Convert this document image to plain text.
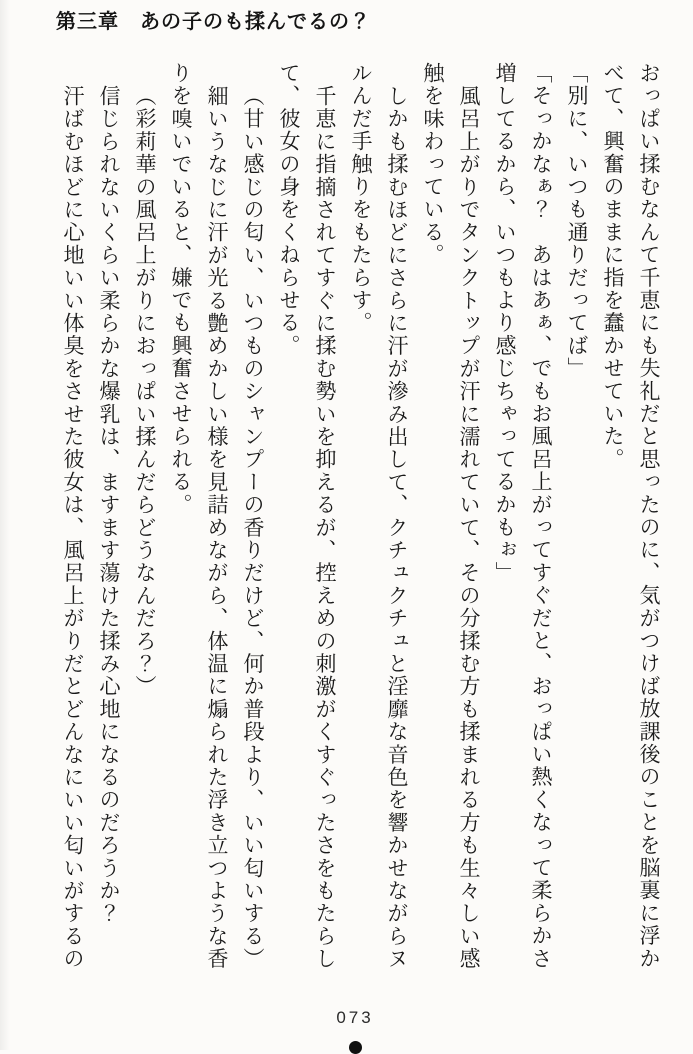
第三章　あの子のも揉んでるの？
おっぱい揉むなんて千恵にも失礼だと思ったのに、気がつけば放課後のことを脳裏に浮か
べて、興奮のままに指を蠢かせていた。
「別に、いつも通りだってば」
「そっかなぁ？　あはあぁ、でもお風呂上がってすぐだと、おっぱい熱くなって柔らかさ
増してるから、いつもより感じちゃってるかもぉ」
風呂上がりでタンクトップが汗に濡れていて、その分揉む方も揉まれる方も生々しい感
触を味わっている。
しかも揉むほどにさらに汗が滲み出して、クチュクチュと淫靡な音色を響かせながらヌ
ルんだ手触りをもたらす。
千恵に指摘されてすぐに揉む勢いを抑えるが、控えめの刺激がくすぐったさをもたらし
て、彼女の身をくねらせる。
（甘い感じの匂い、いつものシャンプーの香りだけど、何か普段より、いい匂いする）
細いうなじに汗が光る艶めかしい様を見詰めながら、体温に煽られた浮き立つような香
りを嗅いでいると、嫌でも興奮させられる。
（彩莉華の風呂上がりにおっぱい揉んだらどうなんだろ？）
信じられないくらい柔らかな爆乳は、ますます蕩けた揉み心地になるのだろうか？
汗ばむほどに心地いい体臭をさせた彼女は、風呂上がりだとどんなにいい匂いがするの
073
